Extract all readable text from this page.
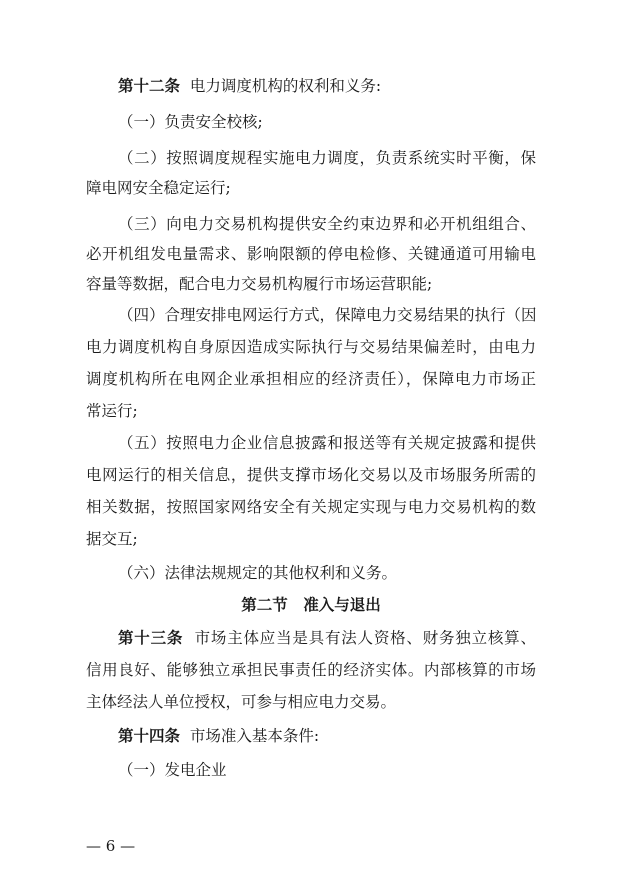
第十二条 电力调度机构的权利和义务:
（一）负责安全校核;
（二）按照调度规程实施电力调度，负责系统实时平衡，保
障电网安全稳定运行;
（三）向电力交易机构提供安全约束边界和必开机组组合、
必开机组发电量需求、影响限额的停电检修、关键通道可用输电
容量等数据，配合电力交易机构履行市场运营职能;
（四）合理安排电网运行方式，保障电力交易结果的执行（因
电力调度机构自身原因造成实际执行与交易结果偏差时，由电力
调度机构所在电网企业承担相应的经济责任），保障电力市场正
常运行;
（五）按照电力企业信息披露和报送等有关规定披露和提供
电网运行的相关信息，提供支撑市场化交易以及市场服务所需的
相关数据，按照国家网络安全有关规定实现与电力交易机构的数
据交互;
（六）法律法规规定的其他权利和义务。
第二节　准入与退出
第十三条 市场主体应当是具有法人资格、财务独立核算、
信用良好、能够独立承担民事责任的经济实体。内部核算的市场
主体经法人单位授权，可参与相应电力交易。
第十四条 市场准入基本条件:
（一）发电企业
— 6 —
